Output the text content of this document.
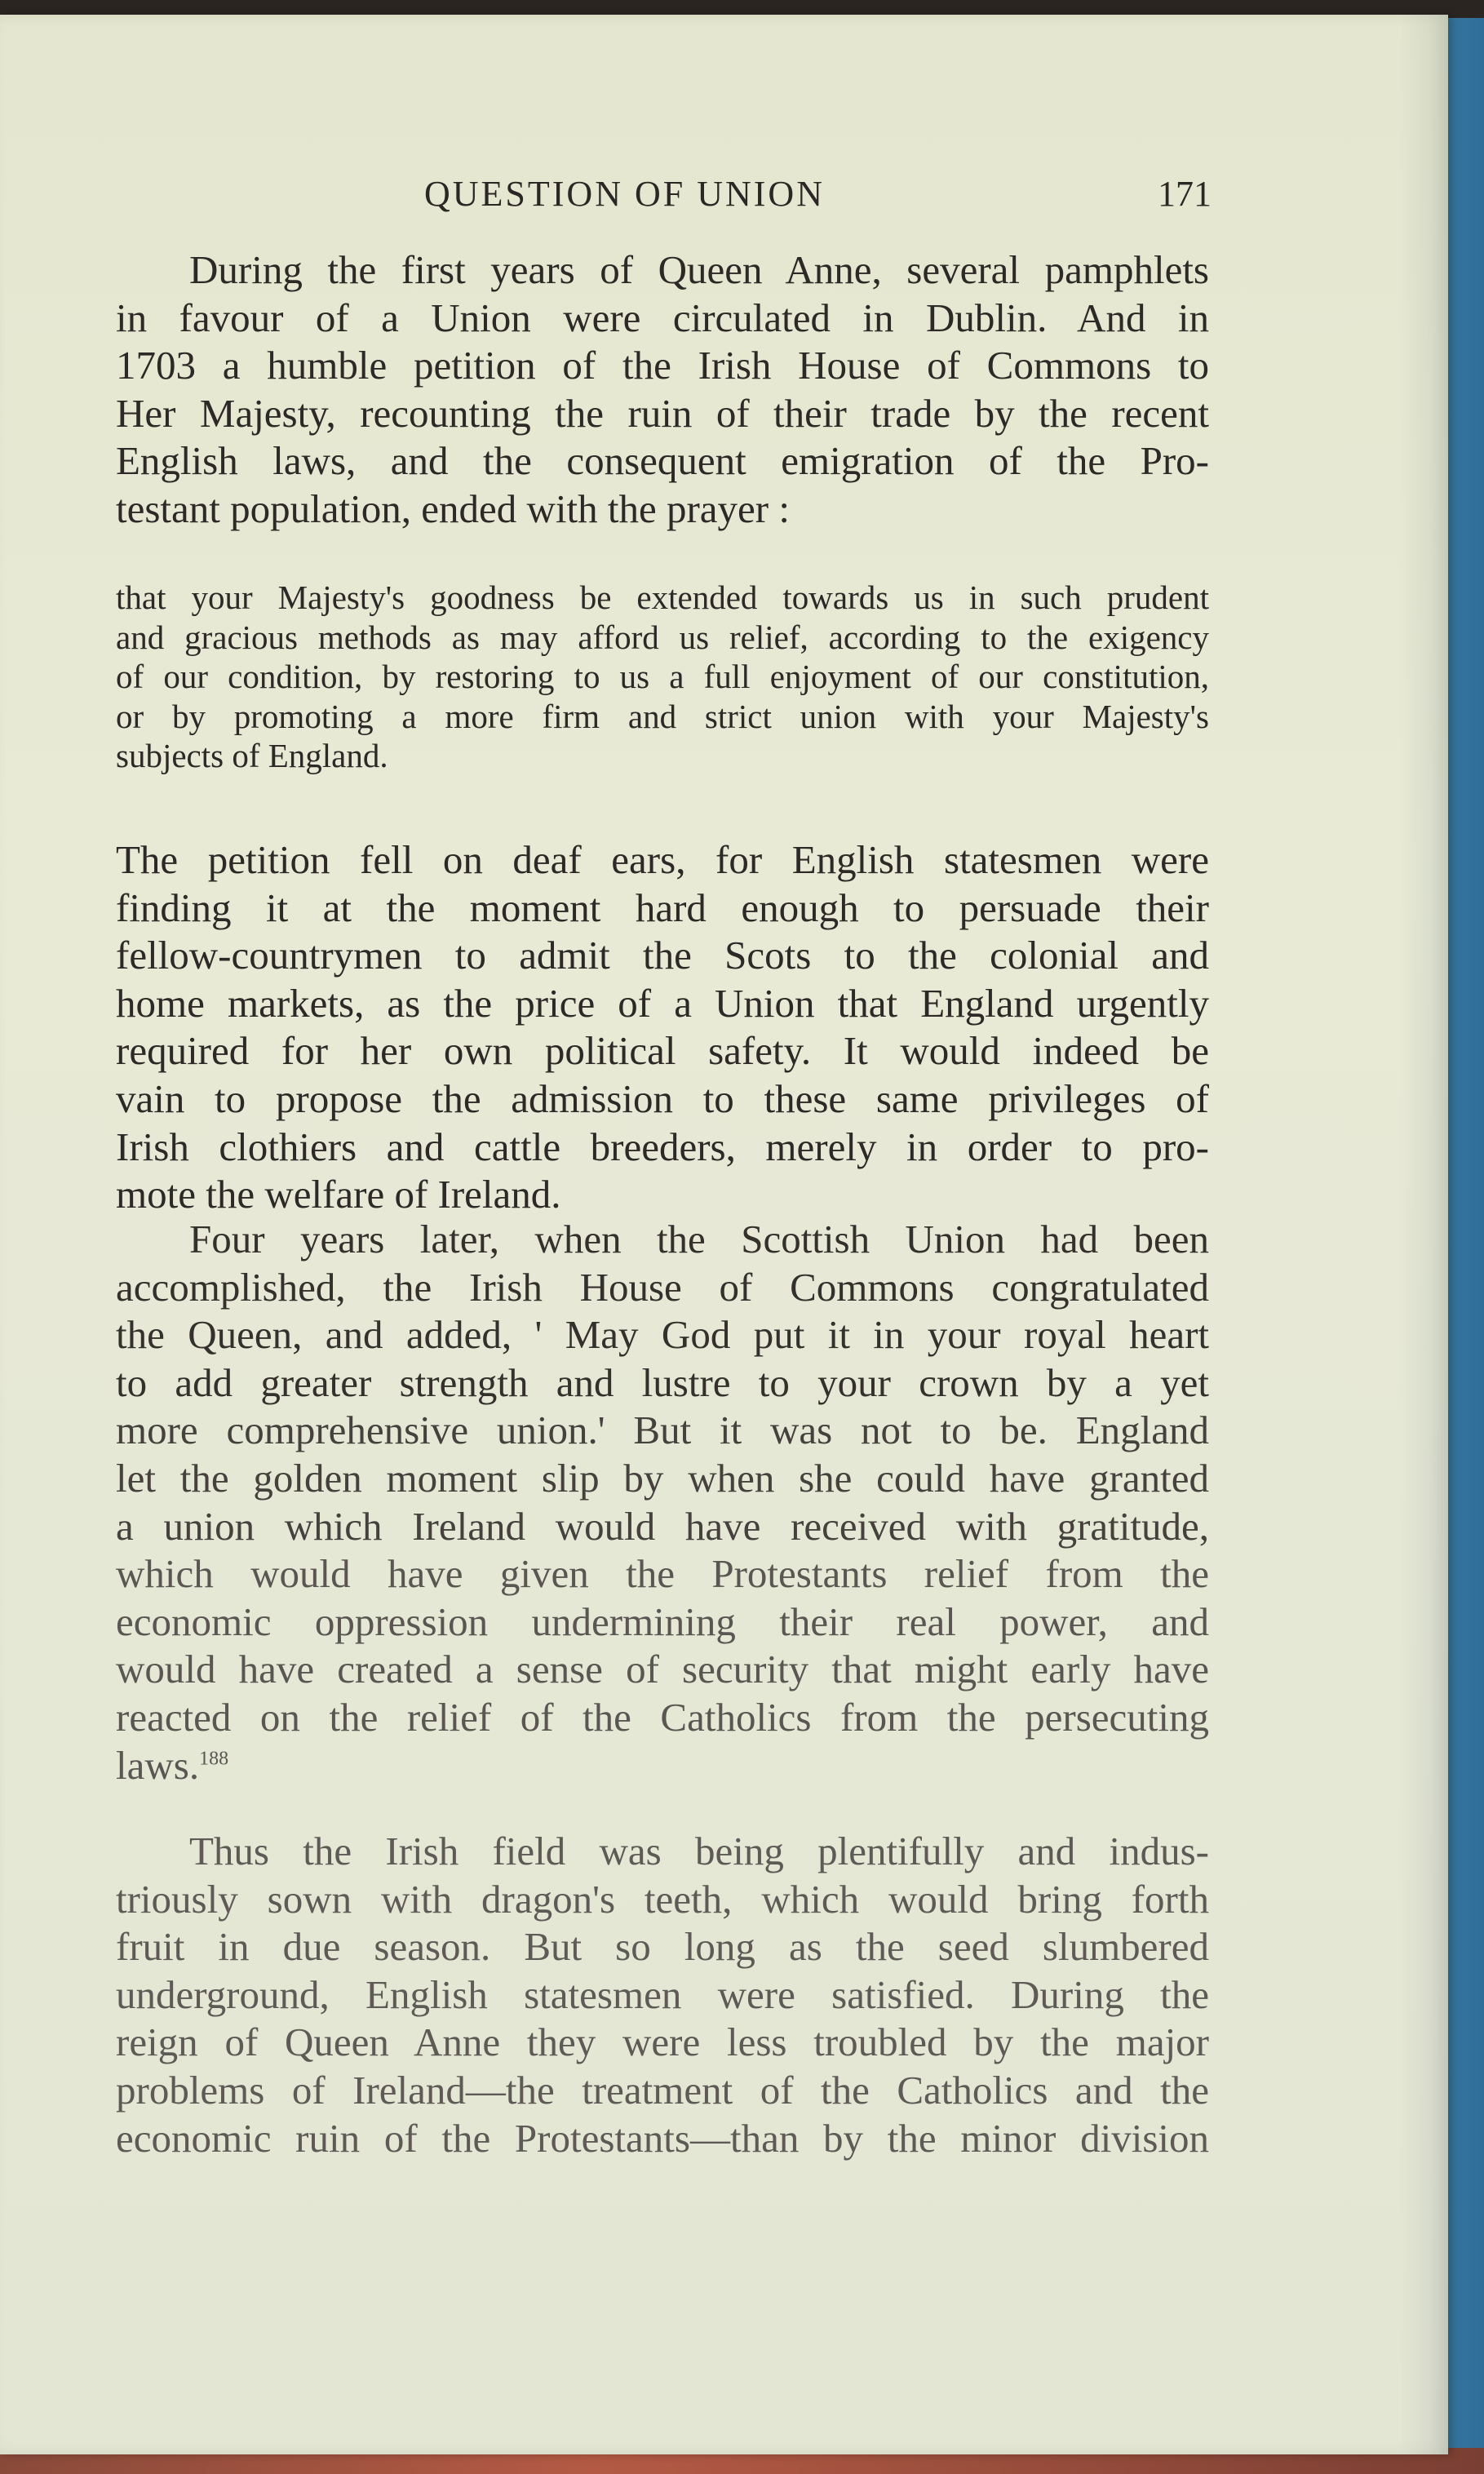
QUESTION OF UNION	171
During the first years of Queen Anne, several pamphlets
in favour of a Union were circulated in Dublin. And in
1703 a humble petition of the Irish House of Commons to
Her Majesty, recounting the ruin of their trade by the recent
English laws, and the consequent emigration of the Pro-
testant population, ended with the prayer :
that your Majesty's goodness be extended towards us in such prudent
and gracious methods as may afford us relief, according to the exigency
of our condition, by restoring to us a full enjoyment of our constitution,
or by promoting a more firm and strict union with your Majesty's
subjects of England.
The petition fell on deaf ears, for English statesmen were
finding it at the moment hard enough to persuade their
fellow-countrymen to admit the Scots to the colonial and
home markets, as the price of a Union that England urgently
required for her own political safety. It would indeed be
vain to propose the admission to these same privileges of
Irish clothiers and cattle breeders, merely in order to pro-
mote the welfare of Ireland.
Four years later, when the Scottish Union had been
accomplished, the Irish House of Commons congratulated
the Queen, and added, ' May God put it in your royal heart
to add greater strength and lustre to your crown by a yet
more comprehensive union.' But it was not to be. England
let the golden moment slip by when she could have granted
a union which Ireland would have received with gratitude,
which would have given the Protestants relief from the
economic oppression undermining their real power, and
would have created a sense of security that might early have
reacted on the relief of the Catholics from the persecuting
laws.$^{188}$
Thus the Irish field was being plentifully and indus-
triously sown with dragon's teeth, which would bring forth
fruit in due season. But so long as the seed slumbered
underground, English statesmen were satisfied. During the
reign of Queen Anne they were less troubled by the major
problems of Ireland—the treatment of the Catholics and the
economic ruin of the Protestants—than by the minor division
